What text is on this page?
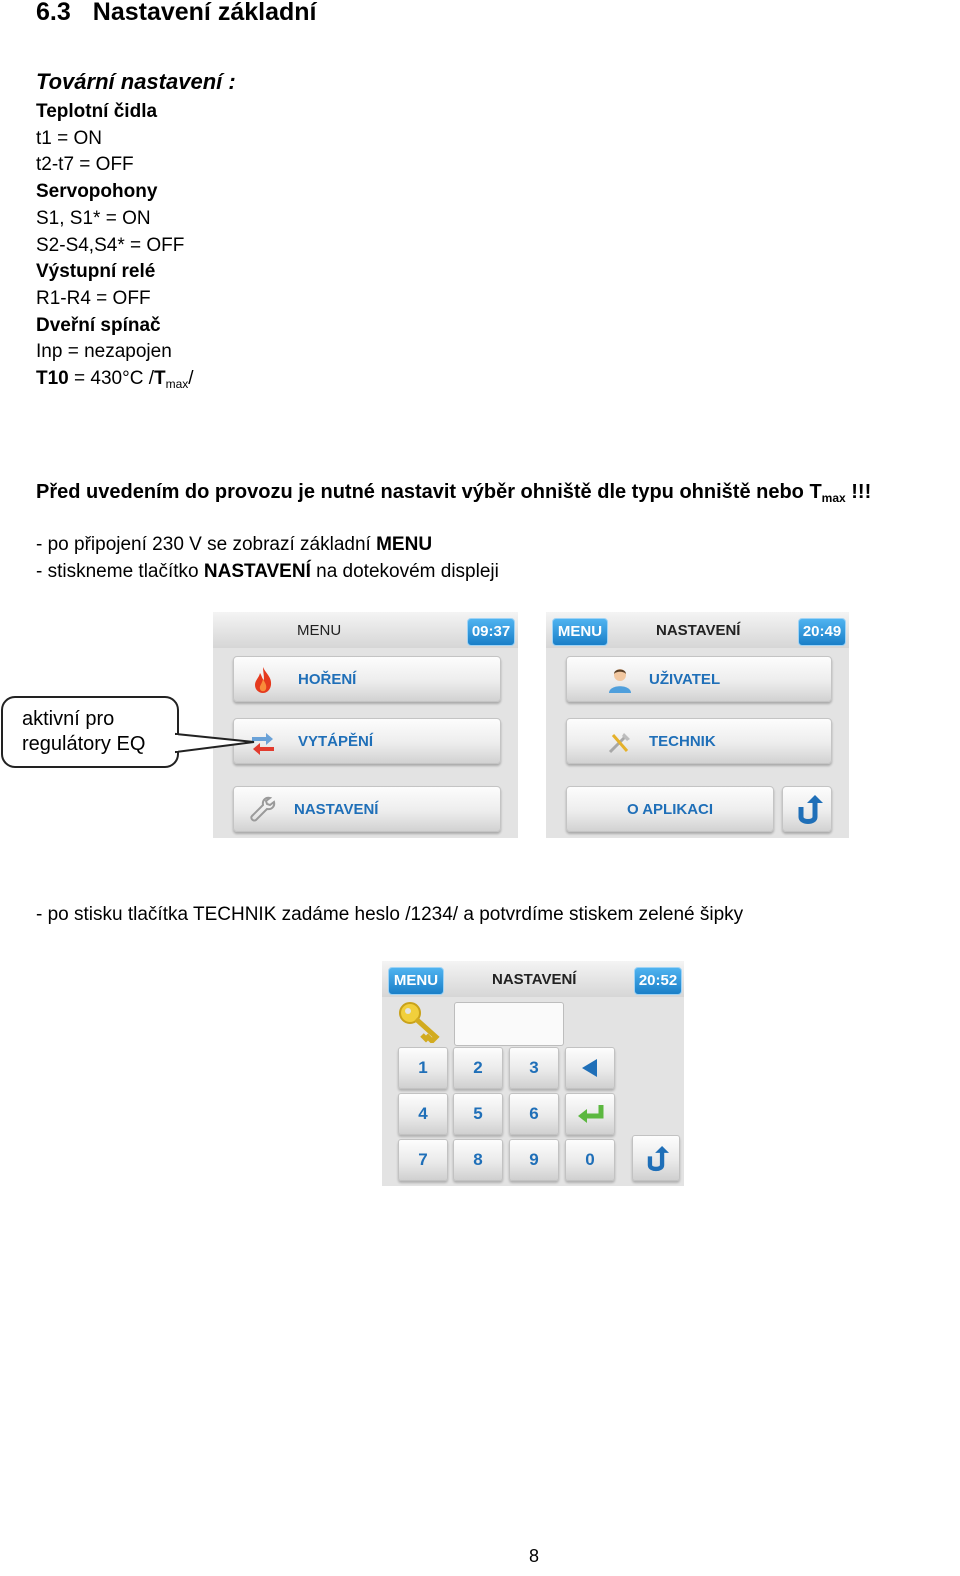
6.3 Nastavení základní
Tovární nastavení :
Teplotní čidla
t1 = ON
t2-t7 = OFF
Servopohony
S1, S1* = ON
S2-S4,S4* = OFF
Výstupní relé
R1-R4 = OFF
Dveřní spínač
Inp = nezapojen
T10 = 430°C $/T_{max}/$
Před uvedením do provozu je nutné nastavit výběr ohniště dle typu ohniště nebo $T_{max}$ !!!
- po připojení 230 V se zobrazí základní MENU
- stiskneme tlačítko NASTAVENÍ na dotekovém displeji
aktivní pro
regulátory EQ
MENU	09:37
HOŘENÍ
VYTÁPĚNÍ
NASTAVENÍ
MENU	NASTAVENÍ	20:49
UŽIVATEL
TECHNIK
O APLIKACI
- po stisku tlačítka TECHNIK zadáme heslo /1234/ a potvrdíme stiskem zelené šipky
MENU	NASTAVENÍ	20:52
1	2	3
4	5	6
7	8	9	0
8
